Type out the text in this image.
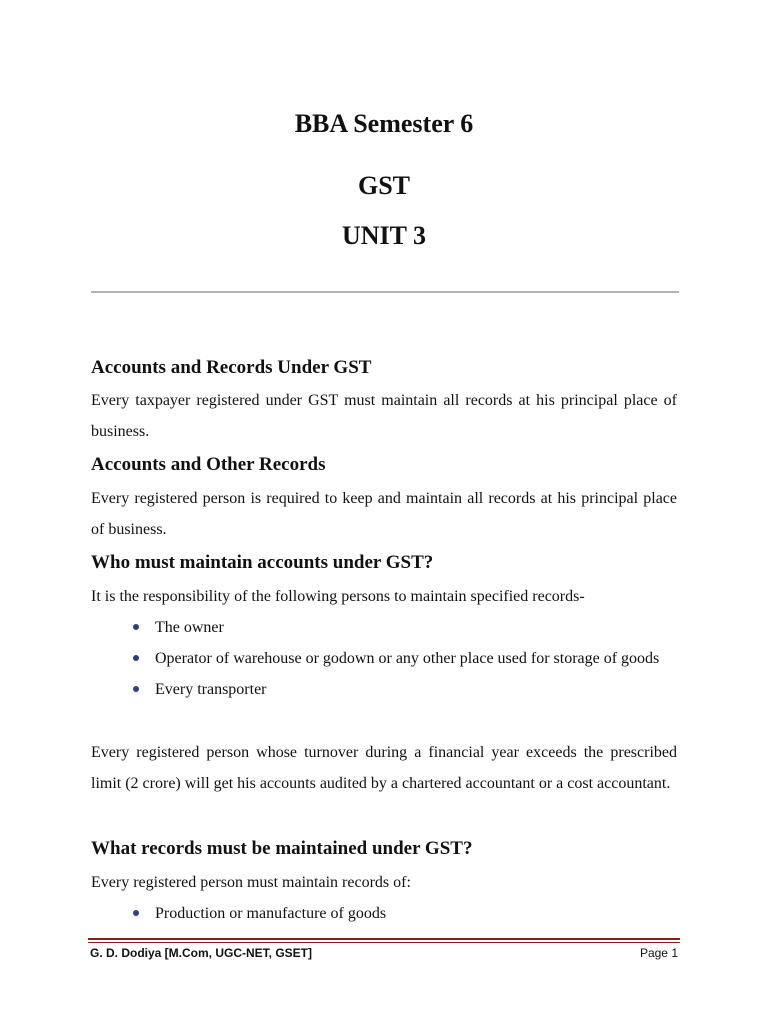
BBA Semester 6
GST
UNIT 3
Accounts and Records Under GST
Every taxpayer registered under GST must maintain all records at his principal place of business.
Accounts and Other Records
Every registered person is required to keep and maintain all records at his principal place of business.
Who must maintain accounts under GST?
It is the responsibility of the following persons to maintain specified records-
The owner
Operator of warehouse or godown or any other place used for storage of goods
Every transporter
Every registered person whose turnover during a financial year exceeds the prescribed limit (2 crore) will get his accounts audited by a chartered accountant or a cost accountant.
What records must be maintained under GST?
Every registered person must maintain records of:
Production or manufacture of goods
G. D. Dodiya [M.Com, UGC-NET, GSET]	Page 1
